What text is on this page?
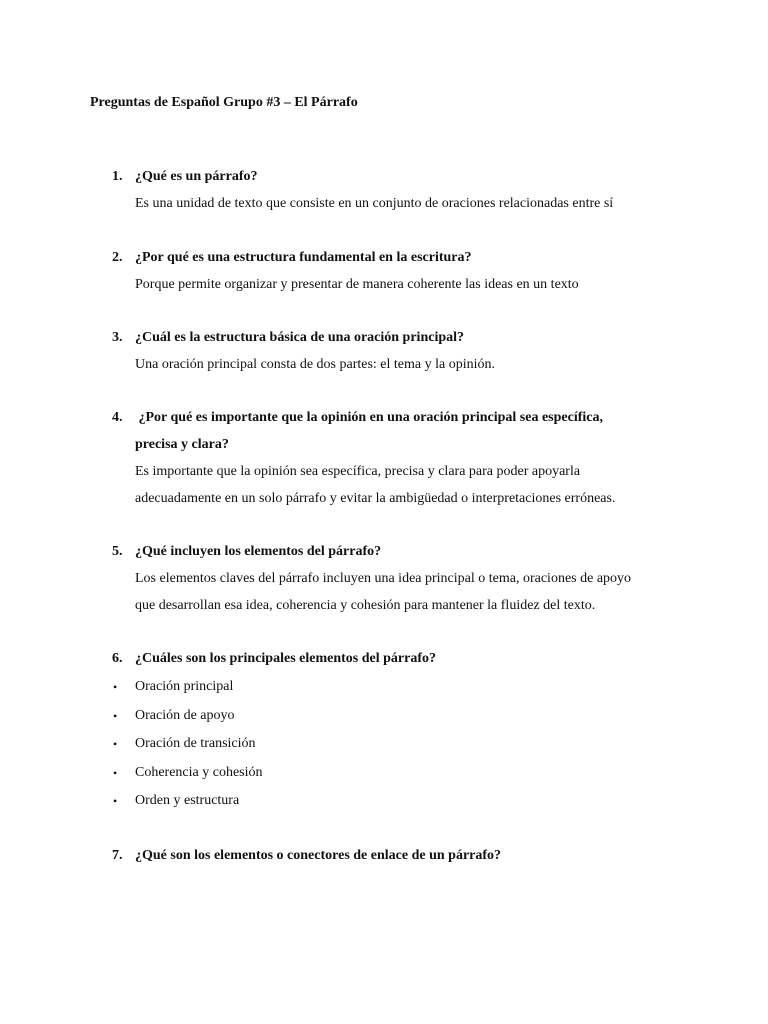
Preguntas de Español Grupo #3 – El Párrafo
1. ¿Qué es un párrafo?
Es una unidad de texto que consiste en un conjunto de oraciones relacionadas entre sí
2. ¿Por qué es una estructura fundamental en la escritura?
Porque permite organizar y presentar de manera coherente las ideas en un texto
3. ¿Cuál es la estructura básica de una oración principal?
Una oración principal consta de dos partes: el tema y la opinión.
4. ¿Por qué es importante que la opinión en una oración principal sea específica,
precisa y clara?
Es importante que la opinión sea específica, precisa y clara para poder apoyarla
adecuadamente en un solo párrafo y evitar la ambigüedad o interpretaciones erróneas.
5. ¿Qué incluyen los elementos del párrafo?
Los elementos claves del párrafo incluyen una idea principal o tema, oraciones de apoyo
que desarrollan esa idea, coherencia y cohesión para mantener la fluidez del texto.
6. ¿Cuáles son los principales elementos del párrafo?
• Oración principal
• Oración de apoyo
• Oración de transición
• Coherencia y cohesión
• Orden y estructura
7. ¿Qué son los elementos o conectores de enlace de un párrafo?
